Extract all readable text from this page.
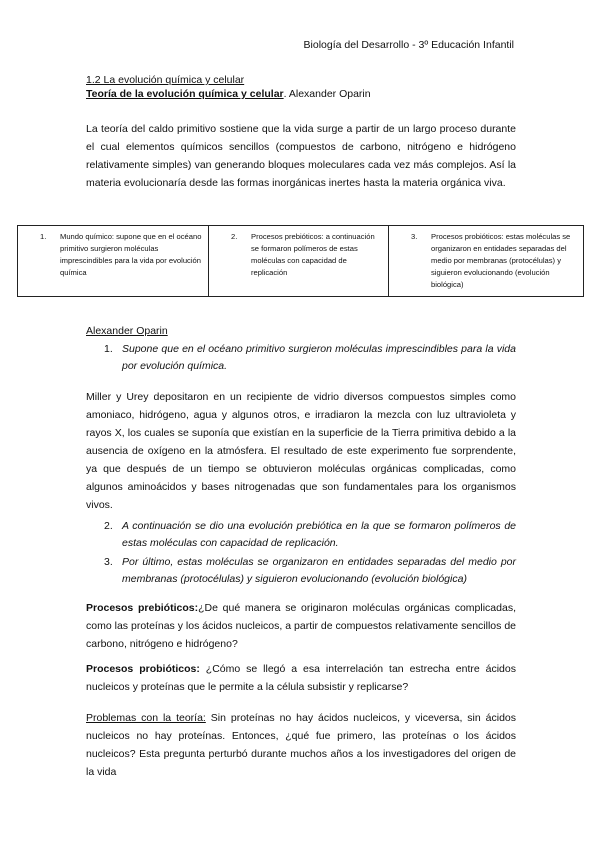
Biología del Desarrollo - 3º Educación Infantil
1.2 La evolución química y celular
Teoría de la evolución química y celular. Alexander Oparin

La teoría del caldo primitivo sostiene que la vida surge a partir de un largo proceso durante el cual elementos químicos sencillos (compuestos de carbono, nitrógeno e hidrógeno relativamente simples) van generando bloques moleculares cada vez más complejos. Así la materia evolucionaría desde las formas inorgánicas inertes hasta la materia orgánica viva.

1. Mundo químico: supone que en el océano primitivo surgieron moléculas imprescindibles para la vida por evolución química
2. Procesos prebióticos: a continuación se formaron polímeros de estas moléculas con capacidad de replicación
3. Procesos probióticos: estas moléculas se organizaron en entidades separadas del medio por membranas (protocélulas) y siguieron evolucionando (evolución biológica)
Alexander Oparin
1. Supone que en el océano primitivo surgieron moléculas imprescindibles para la vida por evolución química.

Miller y Urey depositaron en un recipiente de vidrio diversos compuestos simples como amoniaco, hidrógeno, agua y algunos otros, e irradiaron la mezcla con luz ultravioleta y rayos X, los cuales se suponía que existían en la superficie de la Tierra primitiva debido a la ausencia de oxígeno en la atmósfera. El resultado de este experimento fue sorprendente, ya que después de un tiempo se obtuvieron moléculas orgánicas complicadas, como algunos aminoácidos y bases nitrogenadas que son fundamentales para los organismos vivos.

2. A continuación se dio una evolución prebiótica en la que se formaron polímeros de estas moléculas con capacidad de replicación.
3. Por último, estas moléculas se organizaron en entidades separadas del medio por membranas (protocélulas) y siguieron evolucionando (evolución biológica)

Procesos prebióticos:¿De qué manera se originaron moléculas orgánicas complicadas, como las proteínas y los ácidos nucleicos, a partir de compuestos relativamente sencillos de carbono, nitrógeno e hidrógeno?

Procesos probióticos: ¿Cómo se llegó a esa interrelación tan estrecha entre ácidos nucleicos y proteínas que le permite a la célula subsistir y replicarse?

Problemas con la teoría: Sin proteínas no hay ácidos nucleicos, y viceversa, sin ácidos nucleicos no hay proteínas. Entonces, ¿qué fue primero, las proteínas o los ácidos nucleicos? Esta pregunta perturbó durante muchos años a los investigadores del origen de la vida
